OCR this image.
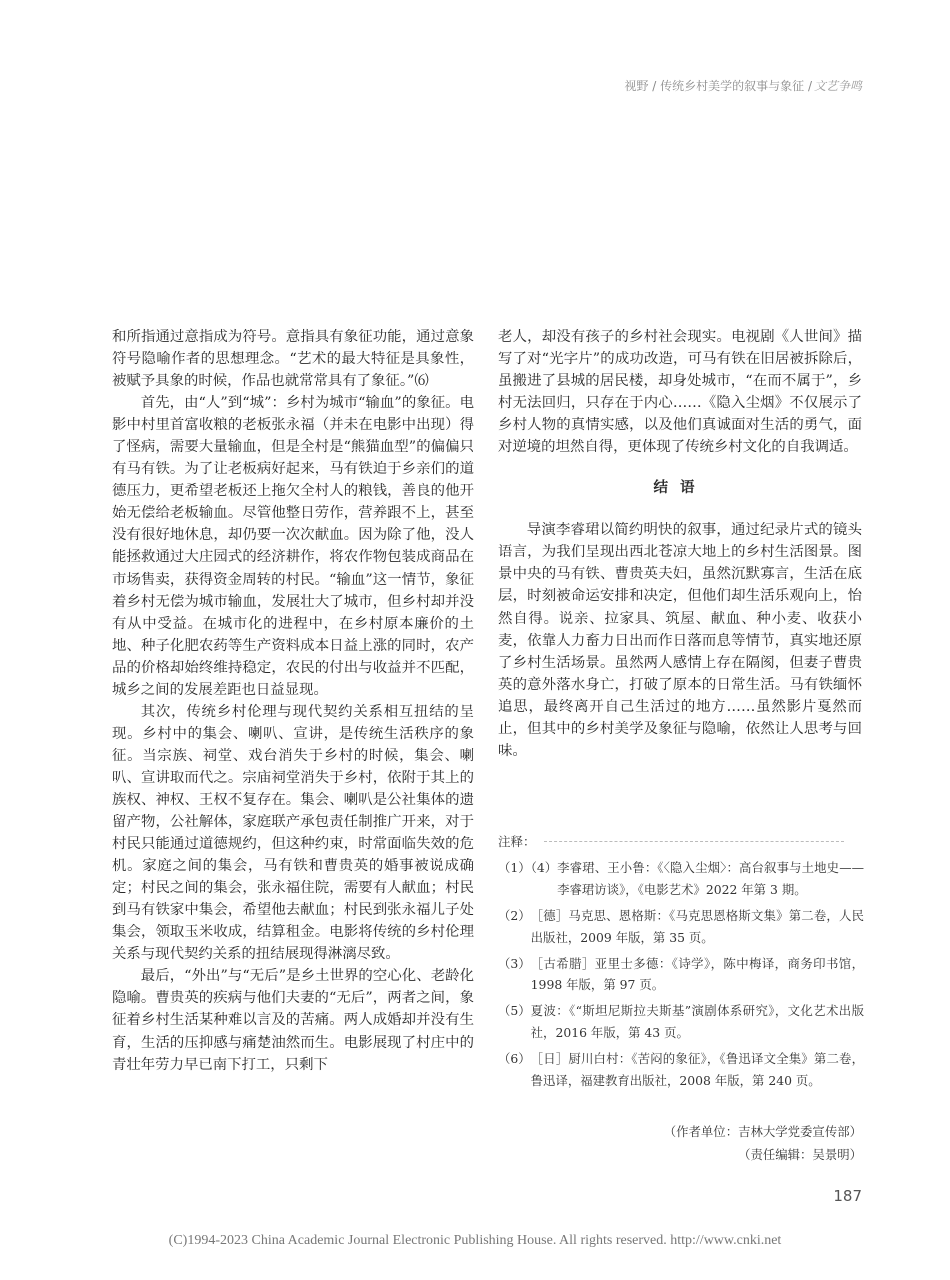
视野 / 传统乡村美学的叙事与象征 / 文艺争鸣

和所指通过意指成为符号。意指具有象征功能，通过意象符号隐喻作者的思想理念。“艺术的最大特征是具象性，被赋予具象的时候，作品也就常常具有了象征。”⑹

首先，由“人”到“城”：乡村为城市“输血”的象征。电影中村里首富收粮的老板张永福（并未在电影中出现）得了怪病，需要大量输血，但是全村是“熊猫血型”的偏偏只有马有铁。为了让老板病好起来，马有铁迫于乡亲们的道德压力，更希望老板还上拖欠全村人的粮钱，善良的他开始无偿给老板输血。尽管他整日劳作，营养跟不上，甚至没有很好地休息，却仍要一次次献血。因为除了他，没人能拯救通过大庄园式的经济耕作，将农作物包装成商品在市场售卖，获得资金周转的村民。“输血”这一情节，象征着乡村无偿为城市输血，发展壮大了城市，但乡村却并没有从中受益。在城市化的进程中，在乡村原本廉价的土地、种子化肥农药等生产资料成本日益上涨的同时，农产品的价格却始终维持稳定，农民的付出与收益并不匹配，城乡之间的发展差距也日益显现。

其次，传统乡村伦理与现代契约关系相互扭结的呈现。乡村中的集会、喇叭、宣讲，是传统生活秩序的象征。当宗族、祠堂、戏台消失于乡村的时候，集会、喇叭、宣讲取而代之。宗庙祠堂消失于乡村，依附于其上的族权、神权、王权不复存在。集会、喇叭是公社集体的遗留产物，公社解体，家庭联产承包责任制推广开来，对于村民只能通过道德规约，但这种约束，时常面临失效的危机。家庭之间的集会，马有铁和曹贵英的婚事被说成确定；村民之间的集会，张永福住院，需要有人献血；村民到马有铁家中集会，希望他去献血；村民到张永福儿子处集会，领取玉米收成，结算租金。电影将传统的乡村伦理关系与现代契约关系的扭结展现得淋漓尽致。

最后，“外出”与“无后”是乡土世界的空心化、老龄化隐喻。曹贵英的疾病与他们夫妻的“无后”，两者之间，象征着乡村生活某种难以言及的苦痛。两人成婚却并没有生育，生活的压抑感与痛楚油然而生。电影展现了村庄中的青壮年劳力早已南下打工，只剩下

老人，却没有孩子的乡村社会现实。电视剧《人世间》描写了对“光字片”的成功改造，可马有铁在旧居被拆除后，虽搬进了县城的居民楼，却身处城市，“在而不属于”，乡村无法回归，只存在于内心……《隐入尘烟》不仅展示了乡村人物的真情实感，以及他们真诚面对生活的勇气，面对逆境的坦然自得，更体现了传统乡村文化的自我调适。

结语

导演李睿珺以简约明快的叙事，通过纪录片式的镜头语言，为我们呈现出西北苍凉大地上的乡村生活图景。图景中央的马有铁、曹贵英夫妇，虽然沉默寡言，生活在底层，时刻被命运安排和决定，但他们却生活乐观向上，怡然自得。说亲、拉家具、筑屋、献血、种小麦、收获小麦，依靠人力畜力日出而作日落而息等情节，真实地还原了乡村生活场景。虽然两人感情上存在隔阂，但妻子曹贵英的意外落水身亡，打破了原本的日常生活。马有铁缅怀追思，最终离开自己生活过的地方……虽然影片戛然而止，但其中的乡村美学及象征与隐喻，依然让人思考与回味。

注释：
（1）（4） 李睿珺、王小鲁：《〈隐入尘烟〉：高台叙事与土地史——李睿珺访谈》，《电影艺术》2022 年第 3 期。
（2） ［德］马克思、恩格斯：《马克思恩格斯文集》第二卷，人民出版社，2009 年版，第 35 页。
（3） ［古希腊］亚里士多德：《诗学》，陈中梅译，商务印书馆，1998 年版，第 97 页。
（5） 夏波：《“斯坦尼斯拉夫斯基”演剧体系研究》，文化艺术出版社，2016 年版，第 43 页。
（6） ［日］厨川白村：《苦闷的象征》，《鲁迅译文全集》第二卷，鲁迅译，福建教育出版社，2008 年版，第 240 页。
（作者单位：吉林大学党委宣传部）
（责任编辑：吴景明）
187
(C)1994-2023 China Academic Journal Electronic Publishing House. All rights reserved. http://www.cnki.net
